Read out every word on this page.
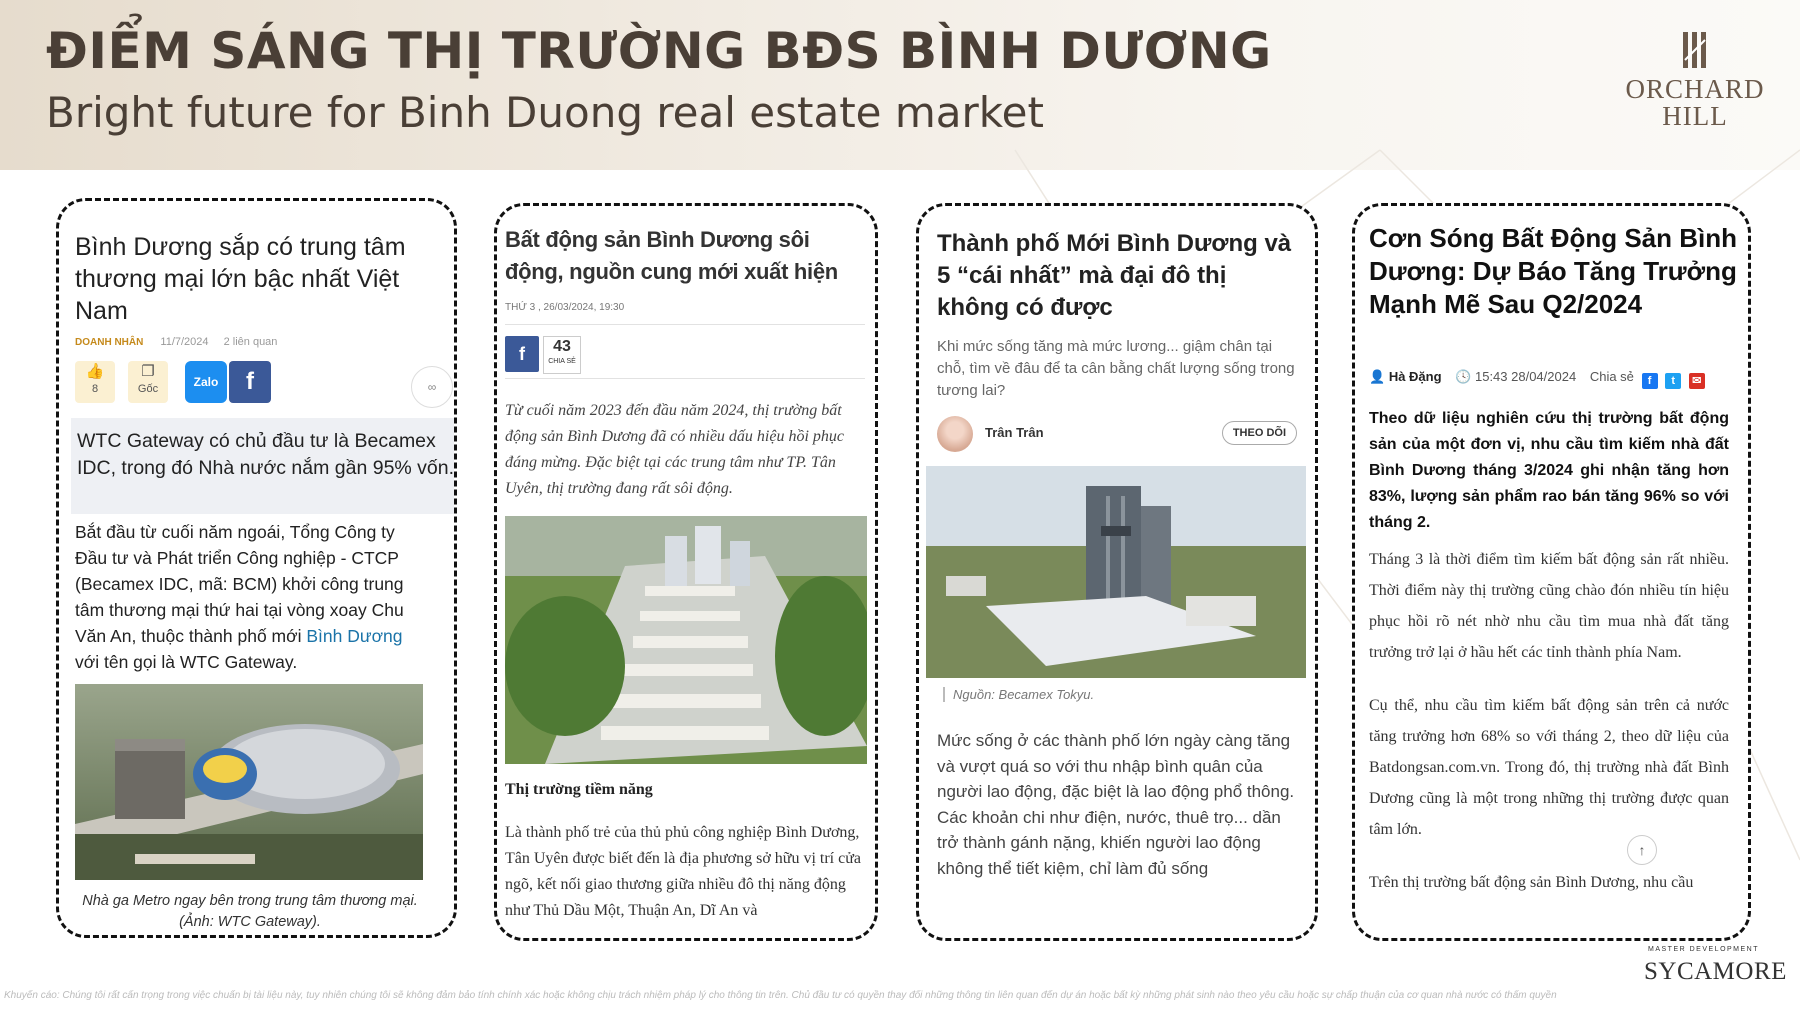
ĐIỂM SÁNG THỊ TRƯỜNG BĐS BÌNH DƯƠNG
Bright future for Binh Duong real estate market	ORCHARD
HILL
Bình Dương sắp có trung tâm thương mại lớn bậc nhất Việt Nam
DOANH NHÂN 11/7/2024 2 liên quan
👍
8
❐
Gốc	Zalo	f	∞

WTC Gateway có chủ đầu tư là Becamex IDC, trong đó Nhà nước nắm gần 95% vốn.

Bắt đầu từ cuối năm ngoái, Tổng Công ty Đầu tư và Phát triển Công nghiệp - CTCP (Becamex IDC, mã: BCM) khởi công trung tâm thương mại thứ hai tại vòng xoay Chu Văn An, thuộc thành phố mới Bình Dương với tên gọi là WTC Gateway.
Nhà ga Metro ngay bên trong trung tâm thương mại. (Ảnh: WTC Gateway).
Bất động sản Bình Dương sôi động, nguồn cung mới xuất hiện
THỨ 3 , 26/03/2024, 19:30
f	43
CHIA SẺ
Từ cuối năm 2023 đến đầu năm 2024, thị trường bất động sản Bình Dương đã có nhiều dấu hiệu hồi phục đáng mừng. Đặc biệt tại các trung tâm như TP. Tân Uyên, thị trường đang rất sôi động.
Thị trường tiềm năng
Là thành phố trẻ của thủ phủ công nghiệp Bình Dương, Tân Uyên được biết đến là địa phương sở hữu vị trí cửa ngõ, kết nối giao thương giữa nhiều đô thị năng động như Thủ Dầu Một, Thuận An, Dĩ An và
Thành phố Mới Bình Dương và 5 “cái nhất” mà đại đô thị không có được
Khi mức sống tăng mà mức lương... giậm chân tại chỗ, tìm về đâu để ta cân bằng chất lượng sống trong tương lai?
Trân Trân	THEO DÕI
Nguồn: Becamex Tokyu.
Mức sống ở các thành phố lớn ngày càng tăng và vượt quá so với thu nhập bình quân của người lao động, đặc biệt là lao động phổ thông. Các khoản chi như điện, nước, thuê trọ... dần trở thành gánh nặng, khiến người lao động không thể tiết kiệm, chỉ làm đủ sống
Cơn Sóng Bất Động Sản Bình Dương: Dự Báo Tăng Trưởng Mạnh Mẽ Sau Q2/2024
👤 Hà Đặng 🕓 15:43 28/04/2024 Chia sẻ f t ✉
Theo dữ liệu nghiên cứu thị trường bất động sản của một đơn vị, nhu cầu tìm kiếm nhà đất Bình Dương tháng 3/2024 ghi nhận tăng hơn 83%, lượng sản phẩm rao bán tăng 96% so với tháng 2.

Tháng 3 là thời điểm tìm kiếm bất động sản rất nhiều. Thời điểm này thị trường cũng chào đón nhiều tín hiệu phục hồi rõ nét nhờ nhu cầu tìm mua nhà đất tăng trưởng trở lại ở hầu hết các tỉnh thành phía Nam.

Cụ thể, nhu cầu tìm kiếm bất động sản trên cả nước tăng trưởng hơn 68% so với tháng 2, theo dữ liệu của Batdongsan.com.vn. Trong đó, thị trường nhà đất Bình Dương cũng là một trong những thị trường được quan tâm lớn.

Trên thị trường bất động sản Bình Dương, nhu cầu

↑
MASTER DEVELOPMENT
SYCAMORE
Khuyến cáo: Chúng tôi rất cẩn trọng trong việc chuẩn bị tài liệu này, tuy nhiên chúng tôi sẽ không đảm bảo tính chính xác hoặc không chịu trách nhiệm pháp lý cho thông tin trên. Chủ đầu tư có quyền thay đổi những thông tin liên quan đến dự án hoặc bất kỳ những phát sinh nào theo yêu cầu hoặc sự chấp thuận của cơ quan nhà nước có thẩm quyền
